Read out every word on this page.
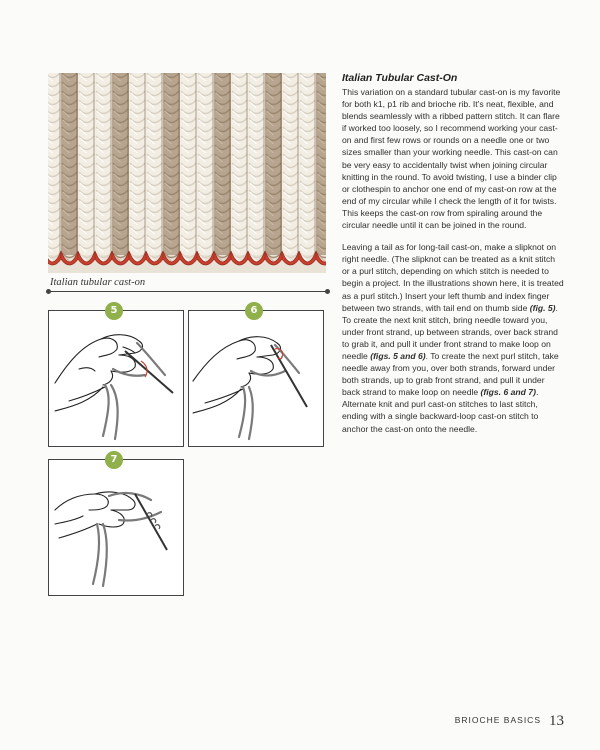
Italian tubular cast-on
5	6
7
Italian Tubular Cast-On

This variation on a standard tubular cast-on is my favorite for both k1, p1 rib and brioche rib. It’s neat, flexible, and blends seamlessly with a ribbed pattern stitch. It can flare if worked too loosely, so I recommend working your cast-on and first few rows or rounds on a needle one or two sizes smaller than your working needle. This cast-on can be very easy to accidentally twist when joining circular knitting in the round. To avoid twisting, I use a binder clip or clothespin to anchor one end of my cast-on row at the end of my circular while I check the length of it for twists. This keeps the cast-on row from spiraling around the circular needle until it can be joined in the round.

Leaving a tail as for long-tail cast-on, make a slipknot on right needle. (The slipknot can be treated as a knit stitch or a purl stitch, depending on which stitch is needed to begin a project. In the illustrations shown here, it is treated as a purl stitch.) Insert your left thumb and index finger between two strands, with tail end on thumb side (fig. 5). To create the next knit stitch, bring needle toward you, under front strand, up between strands, over back strand to grab it, and pull it under front strand to make loop on needle (figs. 5 and 6). To create the next purl stitch, take needle away from you, over both strands, forward under both strands, up to grab front strand, and pull it under back strand to make loop on needle (figs. 6 and 7). Alternate knit and purl cast-on stitches to last stitch, ending with a single backward-loop cast-on stitch to anchor the cast-on onto the needle.

BRIOCHE BASICS 13
